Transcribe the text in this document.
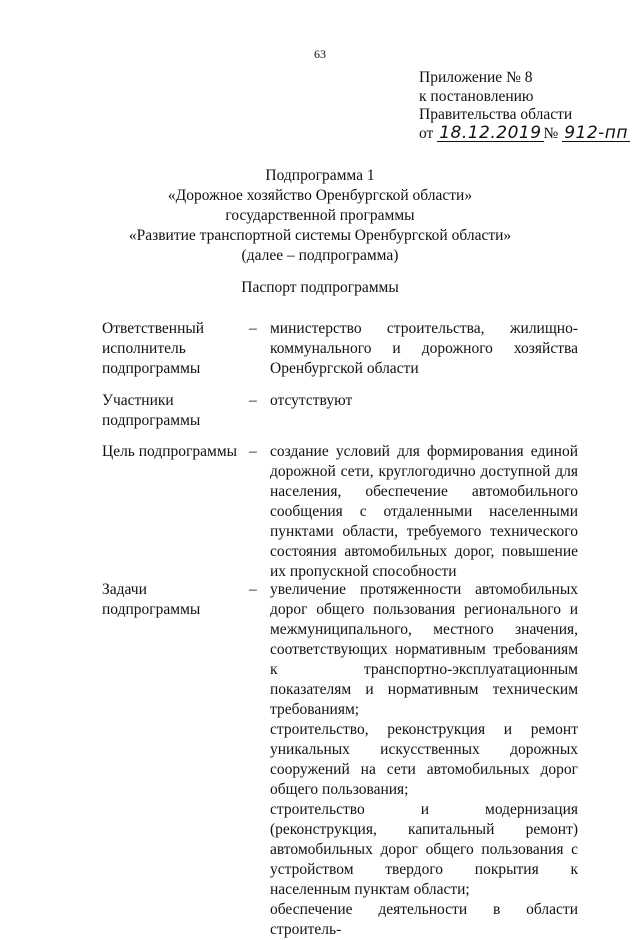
63
Приложение № 8
к постановлению
Правительства области
от 18.12.2019 № 912-пп
Подпрограмма 1
«Дорожное хозяйство Оренбургской области»
государственной программы
«Развитие транспортной системы Оренбургской области»
(далее – подпрограмма)
Паспорт подпрограммы
Ответственный исполнитель подпрограммы
– министерство строительства, жилищно-коммунального и дорожного хозяйства Оренбургской области

Участники подпрограммы
– отсутствуют

Цель подпрограммы – создание условий для формирования единой дорожной сети, круглогодично доступной для населения, обеспечение автомобильного сообщения с отдаленными населенными пунктами области, требуемого технического состояния автомобильных дорог, повышение их пропускной способности

Задачи подпрограммы
– увеличение протяженности автомобильных дорог общего пользования регионального и межмуниципального, местного значения, соответствующих нормативным требованиям к транспортно-эксплуатационным показателям и нормативным техническим требованиям;

строительство, реконструкция и ремонт уникальных искусственных дорожных сооружений на сети автомобильных дорог общего пользования;

строительство и модернизация (реконструкция, капитальный ремонт) автомобильных дорог общего пользования с устройством твердого покрытия к населенным пунктам области;

обеспечение деятельности в области строитель-
